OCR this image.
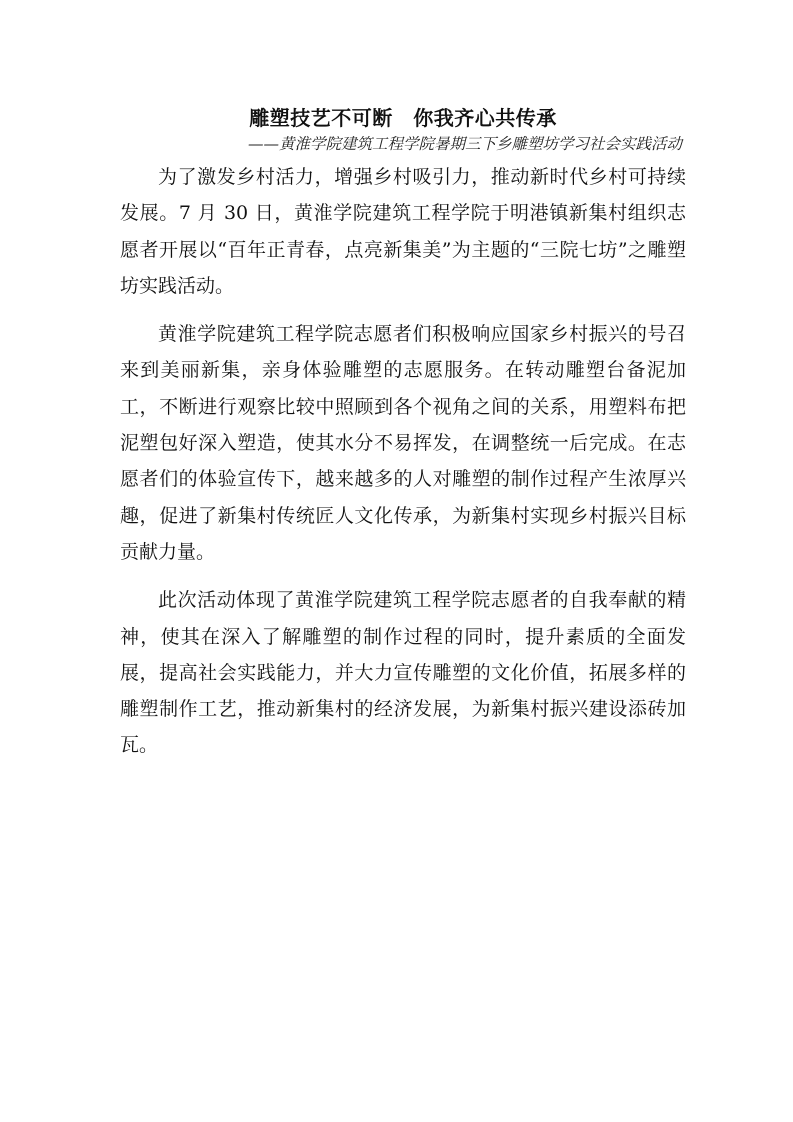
雕塑技艺不可断　你我齐心共传承

——黄淮学院建筑工程学院暑期三下乡雕塑坊学习社会实践活动

为了激发乡村活力，增强乡村吸引力，推动新时代乡村可持续发展。7 月 30 日，黄淮学院建筑工程学院于明港镇新集村组织志愿者开展以“百年正青春，点亮新集美”为主题的“三院七坊”之雕塑坊实践活动。

黄淮学院建筑工程学院志愿者们积极响应国家乡村振兴的号召来到美丽新集，亲身体验雕塑的志愿服务。在转动雕塑台备泥加工，不断进行观察比较中照顾到各个视角之间的关系，用塑料布把泥塑包好深入塑造，使其水分不易挥发，在调整统一后完成。在志愿者们的体验宣传下，越来越多的人对雕塑的制作过程产生浓厚兴趣，促进了新集村传统匠人文化传承，为新集村实现乡村振兴目标贡献力量。

此次活动体现了黄淮学院建筑工程学院志愿者的自我奉献的精神，使其在深入了解雕塑的制作过程的同时，提升素质的全面发展，提高社会实践能力，并大力宣传雕塑的文化价值，拓展多样的雕塑制作工艺，推动新集村的经济发展，为新集村振兴建设添砖加瓦。
